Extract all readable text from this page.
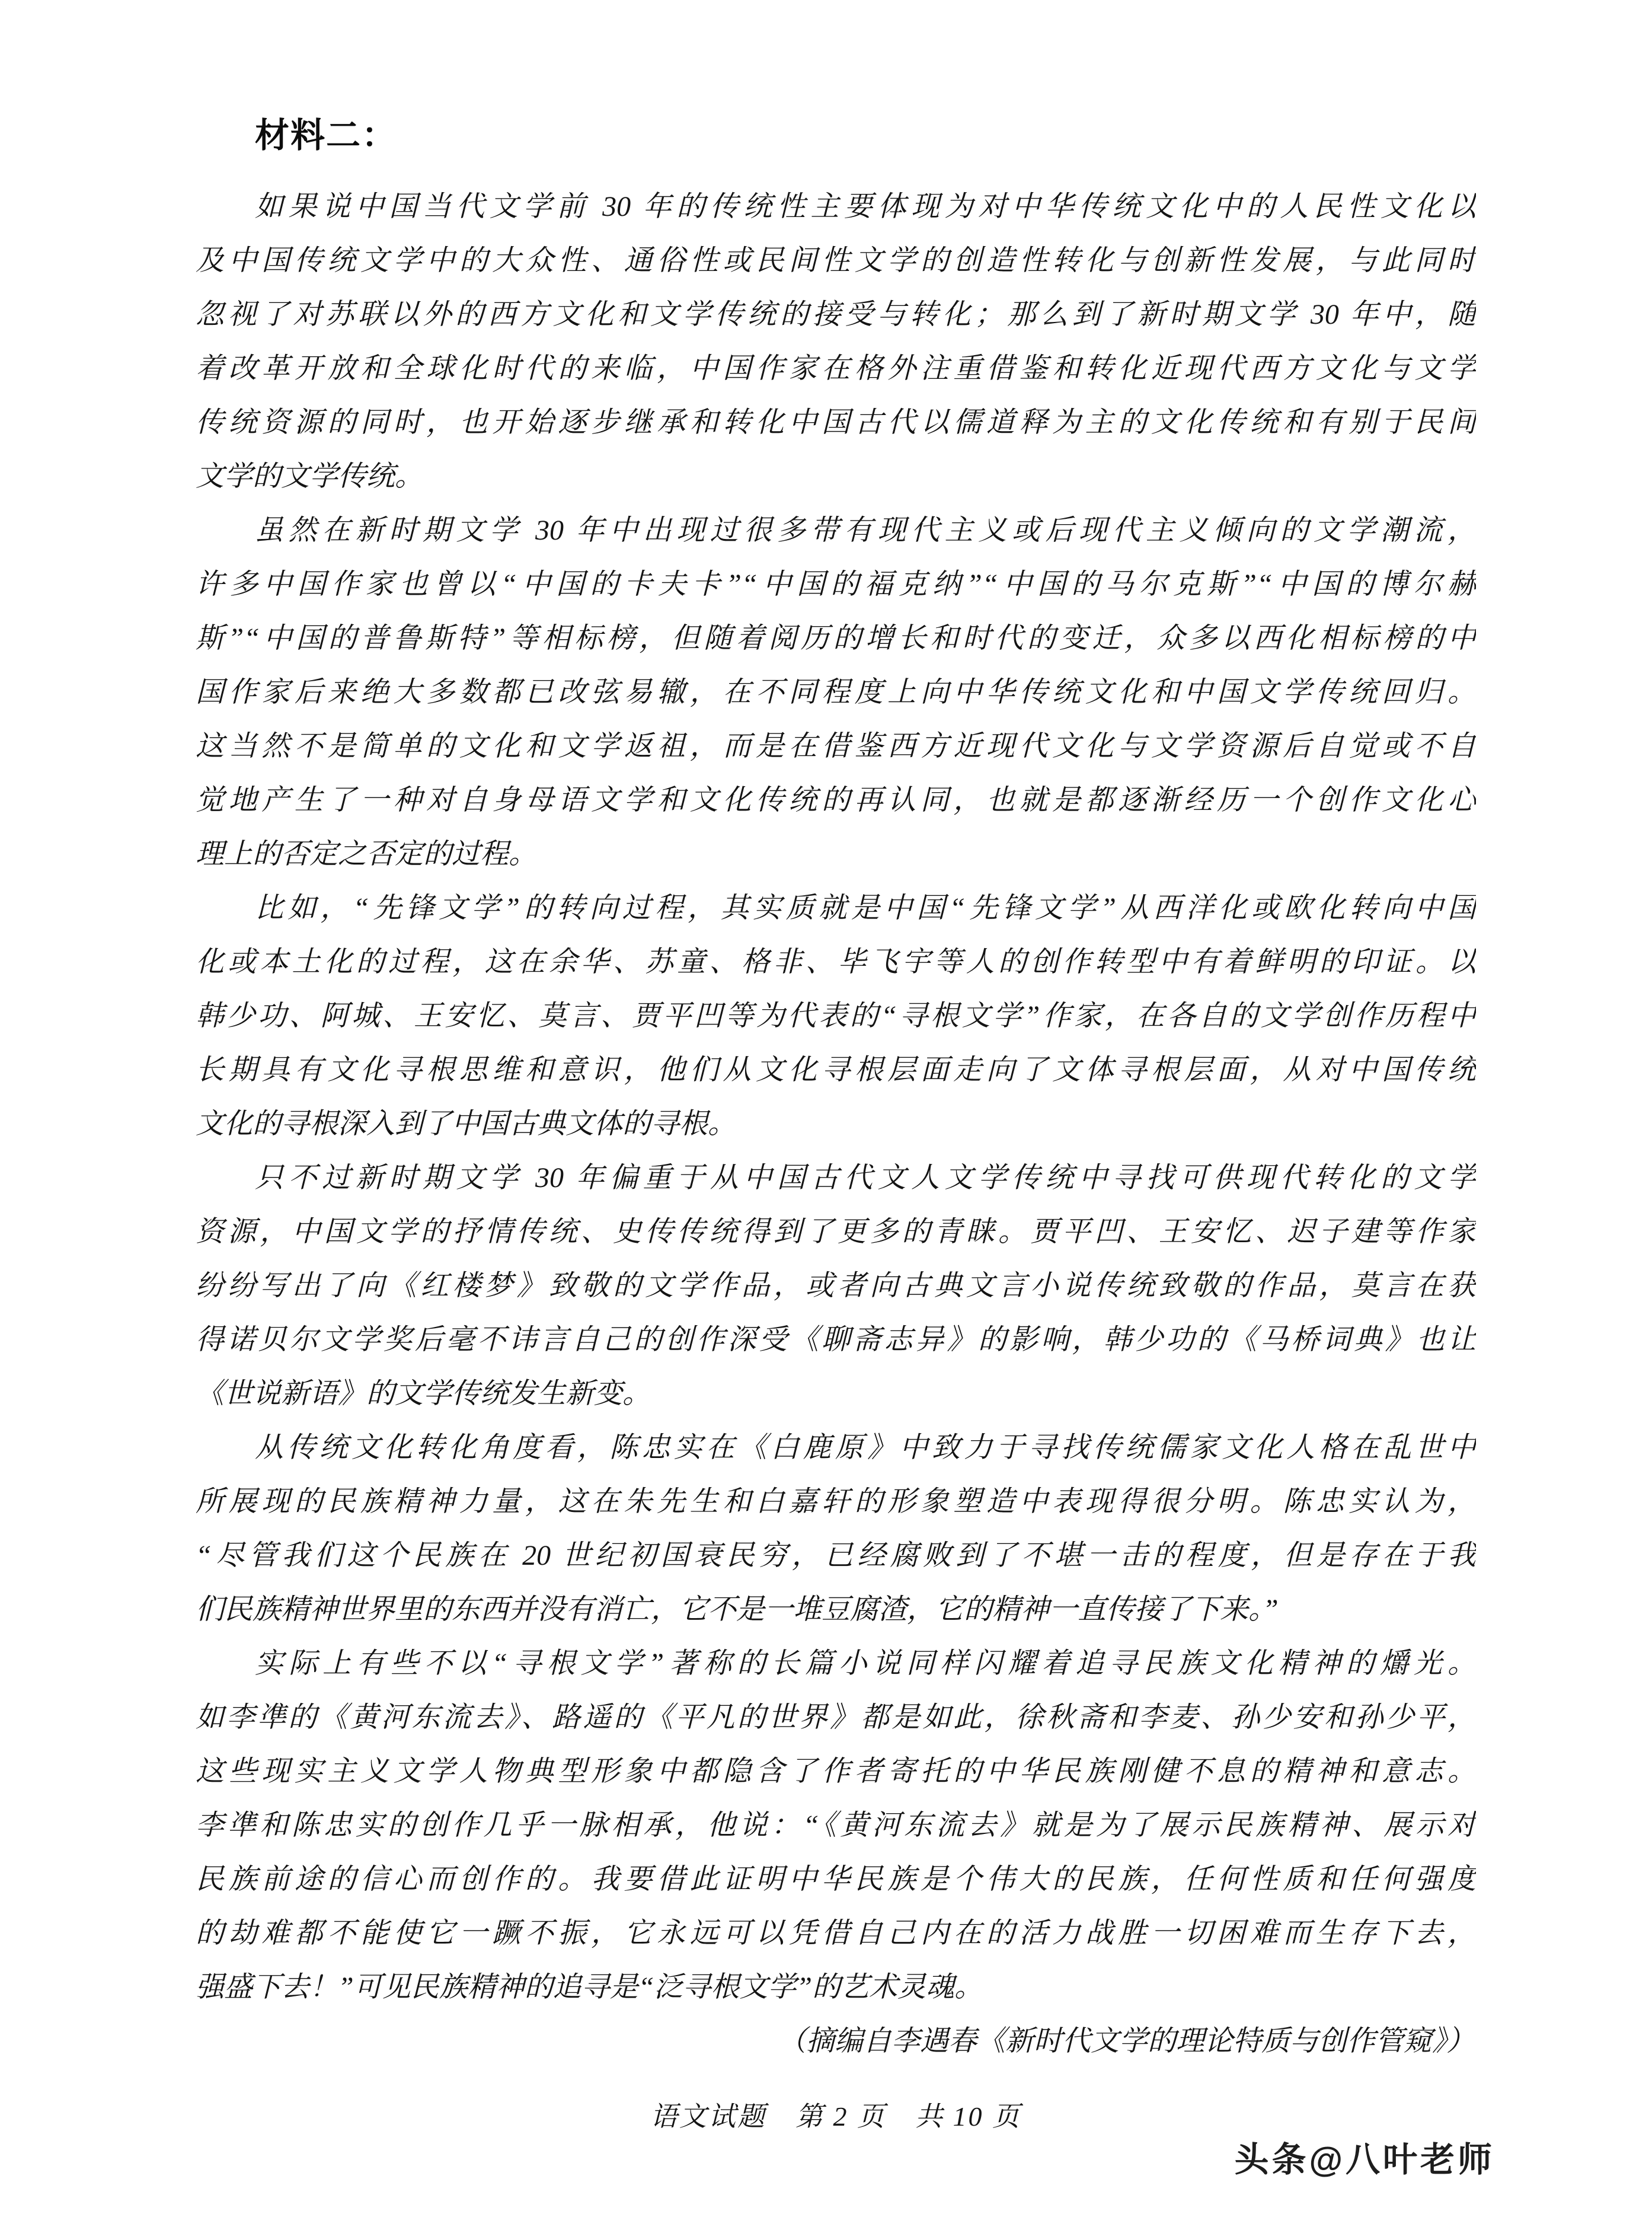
材料二：
如果说中国当代文学前 30 年的传统性主要体现为对中华传统文化中的人民性文化以
及中国传统文学中的大众性、通俗性或民间性文学的创造性转化与创新性发展，与此同时
忽视了对苏联以外的西方文化和文学传统的接受与转化；那么到了新时期文学 30 年中，随
着改革开放和全球化时代的来临，中国作家在格外注重借鉴和转化近现代西方文化与文学
传统资源的同时，也开始逐步继承和转化中国古代以儒道释为主的文化传统和有别于民间
文学的文学传统。
虽然在新时期文学 30 年中出现过很多带有现代主义或后现代主义倾向的文学潮流，
许多中国作家也曾以“中国的卡夫卡”“中国的福克纳”“中国的马尔克斯”“中国的博尔赫
斯”“中国的普鲁斯特”等相标榜，但随着阅历的增长和时代的变迁，众多以西化相标榜的中
国作家后来绝大多数都已改弦易辙，在不同程度上向中华传统文化和中国文学传统回归。
这当然不是简单的文化和文学返祖，而是在借鉴西方近现代文化与文学资源后自觉或不自
觉地产生了一种对自身母语文学和文化传统的再认同，也就是都逐渐经历一个创作文化心
理上的否定之否定的过程。
比如，“先锋文学”的转向过程，其实质就是中国“先锋文学”从西洋化或欧化转向中国
化或本土化的过程，这在余华、苏童、格非、毕飞宇等人的创作转型中有着鲜明的印证。以
韩少功、阿城、王安忆、莫言、贾平凹等为代表的“寻根文学”作家，在各自的文学创作历程中
长期具有文化寻根思维和意识，他们从文化寻根层面走向了文体寻根层面，从对中国传统
文化的寻根深入到了中国古典文体的寻根。
只不过新时期文学 30 年偏重于从中国古代文人文学传统中寻找可供现代转化的文学
资源，中国文学的抒情传统、史传传统得到了更多的青睐。贾平凹、王安忆、迟子建等作家
纷纷写出了向《红楼梦》致敬的文学作品，或者向古典文言小说传统致敬的作品，莫言在获
得诺贝尔文学奖后毫不讳言自己的创作深受《聊斋志异》的影响，韩少功的《马桥词典》也让
《世说新语》的文学传统发生新变。
从传统文化转化角度看，陈忠实在《白鹿原》中致力于寻找传统儒家文化人格在乱世中
所展现的民族精神力量，这在朱先生和白嘉轩的形象塑造中表现得很分明。陈忠实认为，
“尽管我们这个民族在 20 世纪初国衰民穷，已经腐败到了不堪一击的程度，但是存在于我
们民族精神世界里的东西并没有消亡，它不是一堆豆腐渣，它的精神一直传接了下来。”
实际上有些不以“寻根文学”著称的长篇小说同样闪耀着追寻民族文化精神的爝光。
如李凖的《黄河东流去》、路遥的《平凡的世界》都是如此，徐秋斋和李麦、孙少安和孙少平，
这些现实主义文学人物典型形象中都隐含了作者寄托的中华民族刚健不息的精神和意志。
李凖和陈忠实的创作几乎一脉相承，他说：“《黄河东流去》就是为了展示民族精神、展示对
民族前途的信心而创作的。我要借此证明中华民族是个伟大的民族，任何性质和任何强度
的劫难都不能使它一蹶不振，它永远可以凭借自己内在的活力战胜一切困难而生存下去，
强盛下去！”可见民族精神的追寻是“泛寻根文学”的艺术灵魂。
（摘编自李遇春《新时代文学的理论特质与创作管窥》）
语文试题　第 2 页　共 10 页
头条@八叶老师
